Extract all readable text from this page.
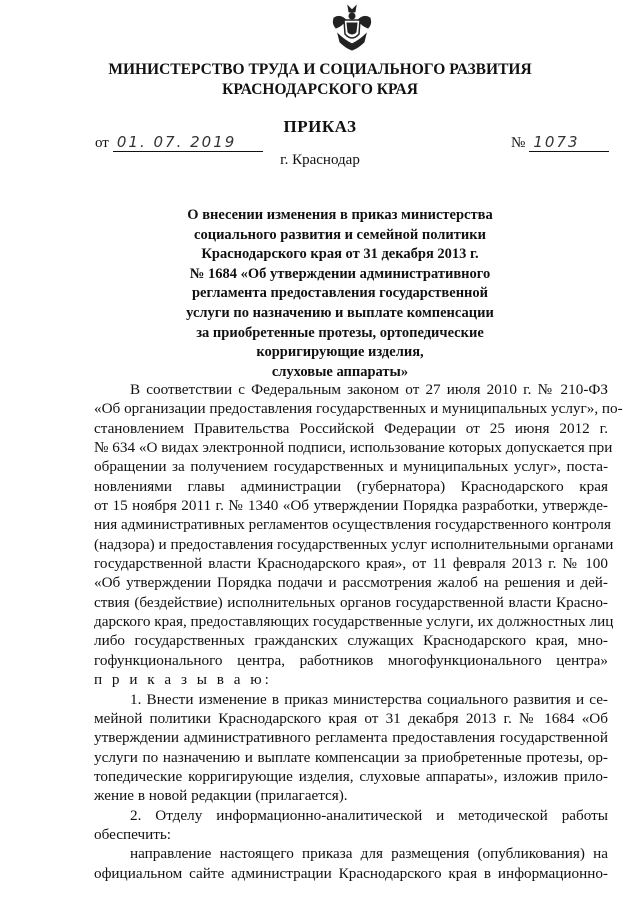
МИНИСТЕРСТВО ТРУДА И СОЦИАЛЬНОГО РАЗВИТИЯ
КРАСНОДАРСКОГО КРАЯ
ПРИКАЗ
от 01. 07. 2019	№ 1073
г. Краснодар
О внесении изменения в приказ министерства
социального развития и семейной политики
Краснодарского края от 31 декабря 2013 г.
№ 1684 «Об утверждении административного
регламента предоставления государственной
услуги по назначению и выплате компенсации
за приобретенные протезы, ортопедические
корригирующие изделия,
слуховые аппараты»
В соответствии с Федеральным законом от 27 июля 2010 г. № 210-ФЗ
«Об организации предоставления государственных и муниципальных услуг», по-
становлением Правительства Российской Федерации от 25 июня 2012 г.
№ 634 «О видах электронной подписи, использование которых допускается при
обращении за получением государственных и муниципальных услуг», поста-
новлениями главы администрации (губернатора) Краснодарского края
от 15 ноября 2011 г. № 1340 «Об утверждении Порядка разработки, утвержде-
ния административных регламентов осуществления государственного контроля
(надзора) и предоставления государственных услуг исполнительными органами
государственной власти Краснодарского края», от 11 февраля 2013 г. № 100
«Об утверждении Порядка подачи и рассмотрения жалоб на решения и дей-
ствия (бездействие) исполнительных органов государственной власти Красно-
дарского края, предоставляющих государственные услуги, их должностных лиц
либо государственных гражданских служащих Краснодарского края, мно-
гофункционального центра, работников многофункционального центра»
п р и к а з ы в а ю:
1. Внести изменение в приказ министерства социального развития и се-
мейной политики Краснодарского края от 31 декабря 2013 г. № 1684 «Об
утверждении административного регламента предоставления государственной
услуги по назначению и выплате компенсации за приобретенные протезы, ор-
топедические корригирующие изделия, слуховые аппараты», изложив прило-
жение в новой редакции (прилагается).
2. Отделу информационно-аналитической и методической работы
обеспечить:
направление настоящего приказа для размещения (опубликования) на
официальном сайте администрации Краснодарского края в информационно-
